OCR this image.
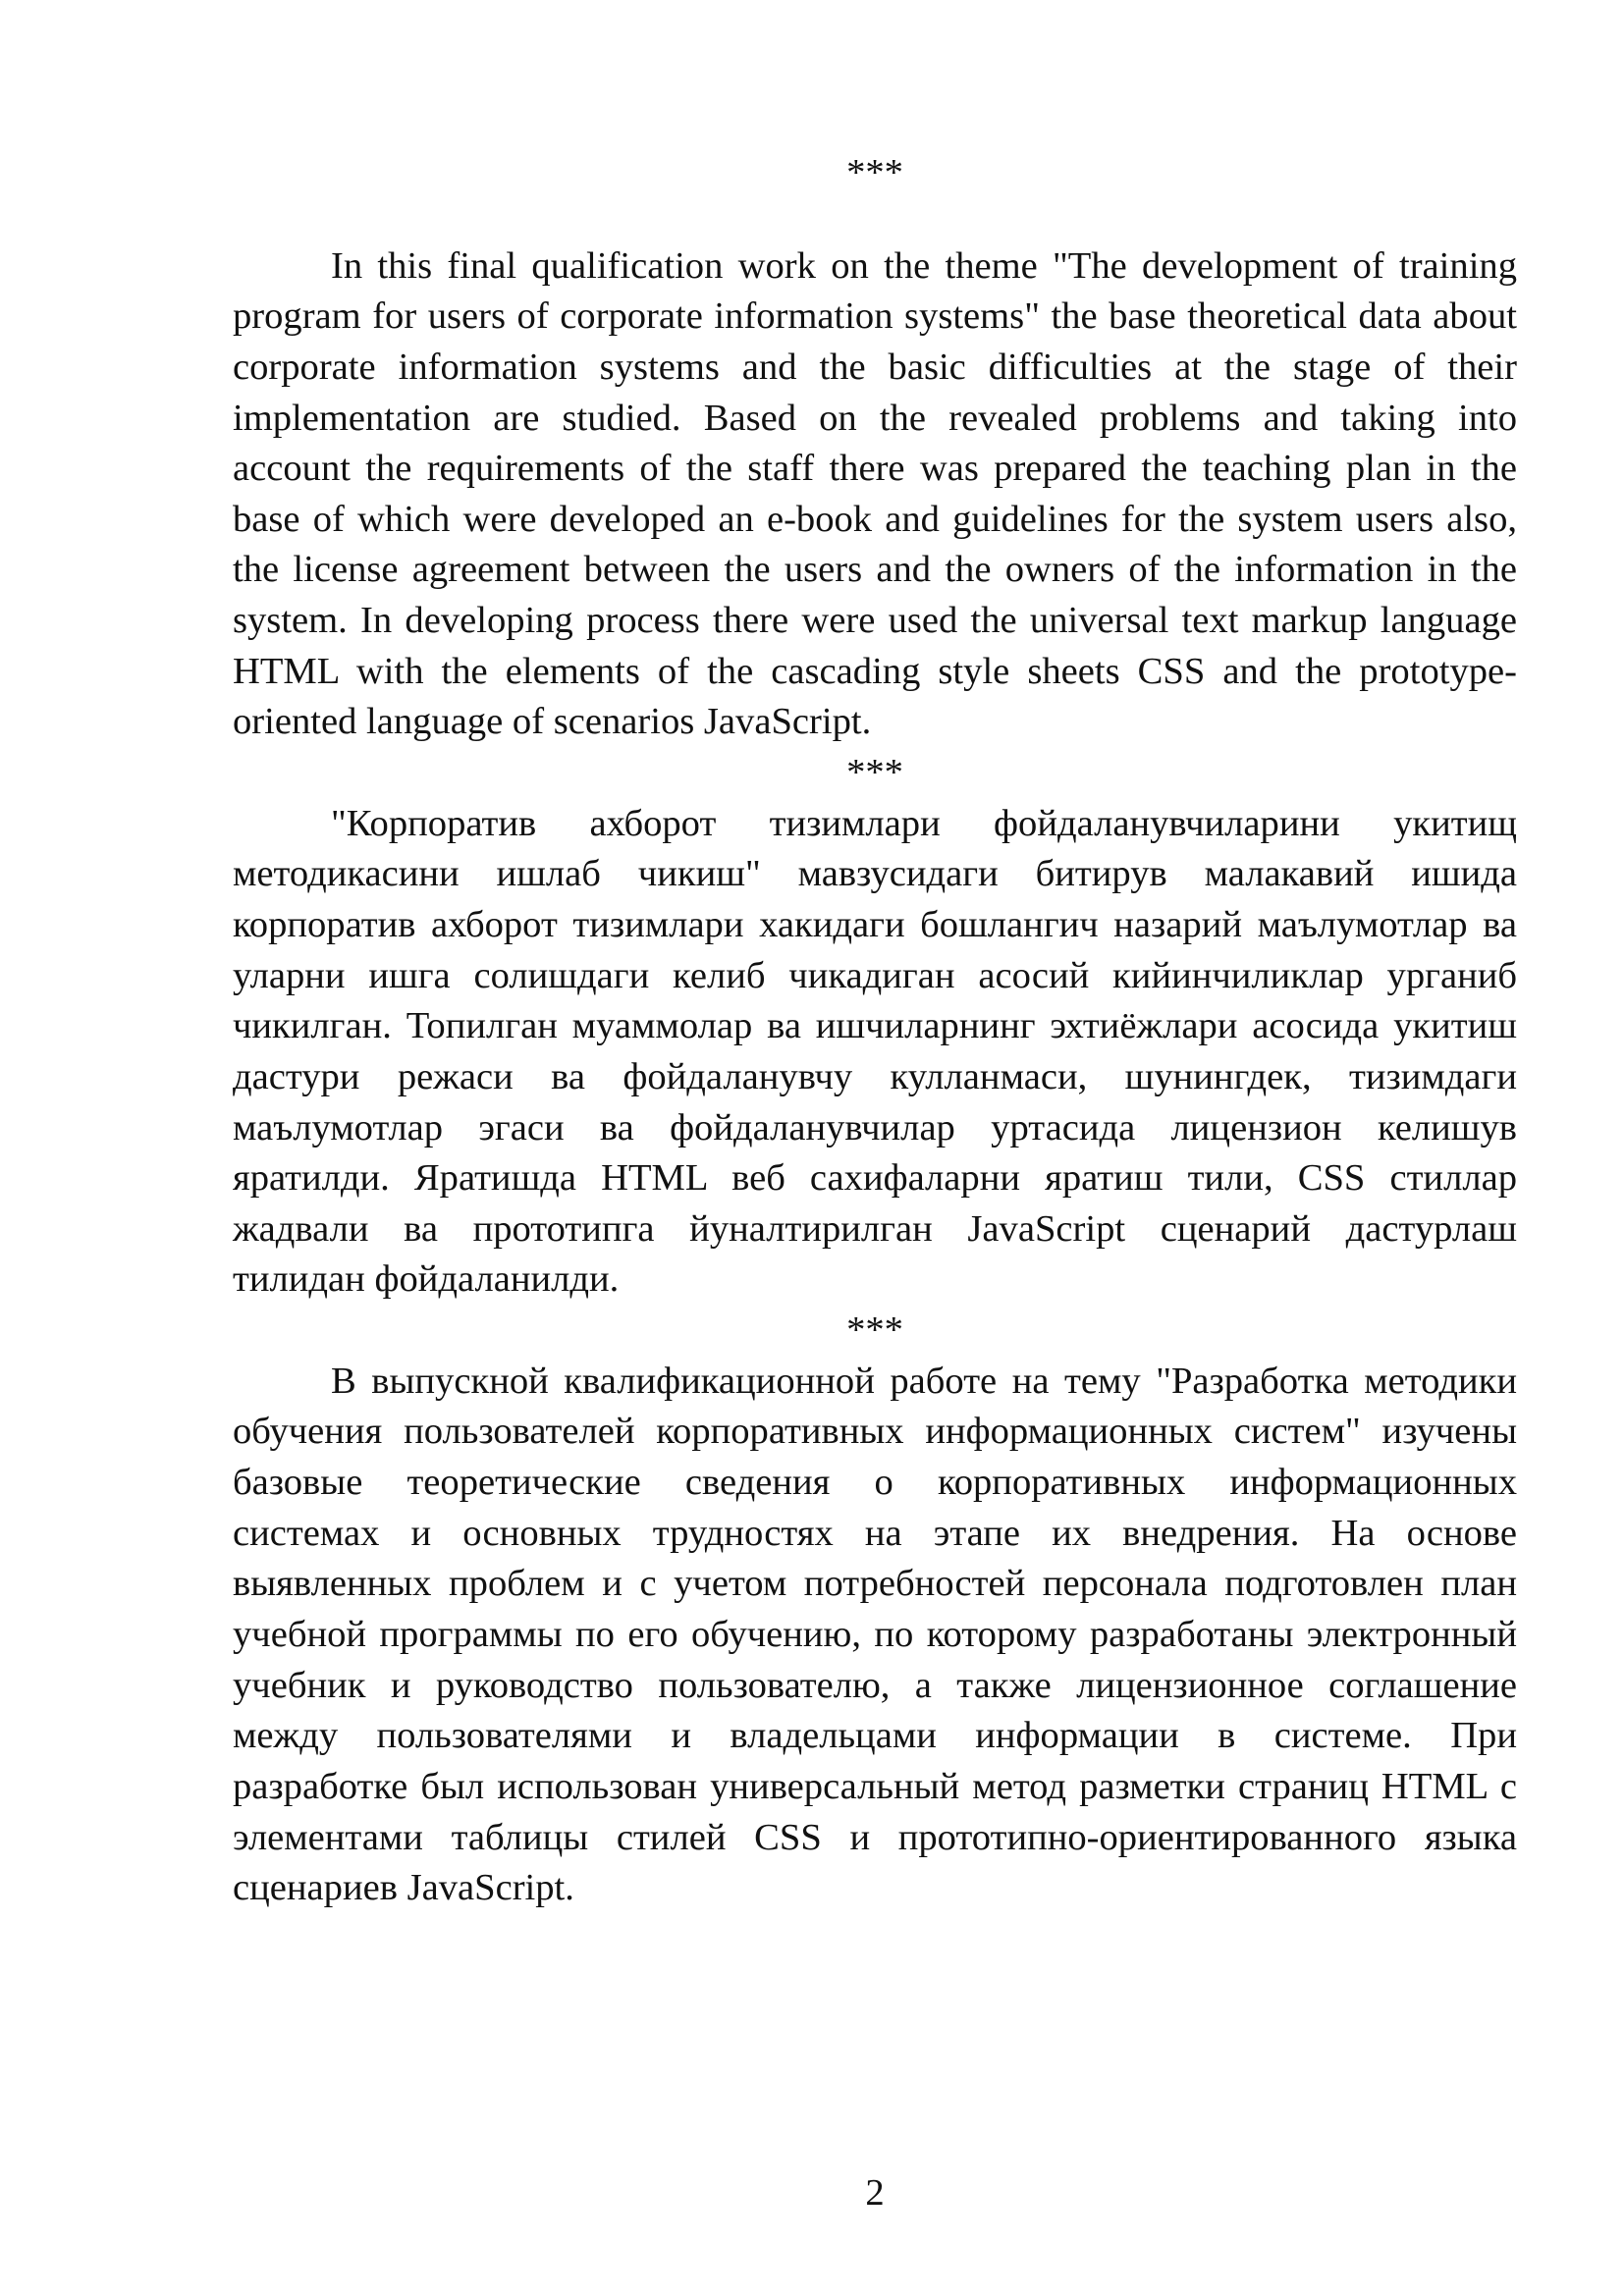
***
In this final qualification work on the theme "The development of training
program for users of corporate information systems" the base theoretical data about
corporate information systems and the basic difficulties at the stage of their
implementation are studied. Based on the revealed problems and taking into
account the requirements of the staff there was prepared the teaching plan in the
base of which were developed an e-book and guidelines for the system users also,
the license agreement between the users and the owners of the information in the
system. In developing process there were used the universal text markup language
HTML with the elements of the cascading style sheets CSS and the prototype-
oriented language of scenarios JavaScript.
***
"Корпоратив ахборот тизимлари фойдаланувчиларини укитищ
методикасини ишлаб чикиш" мавзусидаги битирув малакавий ишида
корпоратив ахборот тизимлари хакидаги бошлангич назарий маълумотлар ва
уларни ишга солишдаги келиб чикадиган асосий кийинчиликлар урганиб
чикилган. Топилган муаммолар ва ишчиларнинг эхтиёжлари асосида укитиш
дастури режаси ва фойдаланувчу кулланмаси, шунингдек, тизимдаги
маълумотлар эгаси ва фойдаланувчилар уртасида лицензион келишув
яратилди. Яратишда HTML веб сахифаларни яратиш тили, CSS стиллар
жадвали ва прототипга йуналтирилган JavaScript сценарий дастурлаш
тилидан фойдаланилди.
***
В выпускной квалификационной работе на тему "Разработка методики
обучения пользователей корпоративных информационных систем" изучены
базовые теоретические сведения о корпоративных информационных
системах и основных трудностях на этапе их внедрения. На основе
выявленных проблем и с учетом потребностей персонала подготовлен план
учебной программы по его обучению, по которому разработаны электронный
учебник и руководство пользователю, а также лицензионное соглашение
между пользователями и владельцами информации в системе. При
разработке был использован универсальный метод разметки страниц HTML с
элементами таблицы стилей CSS и прототипно-ориентированного языка
сценариев JavaScript.
2
